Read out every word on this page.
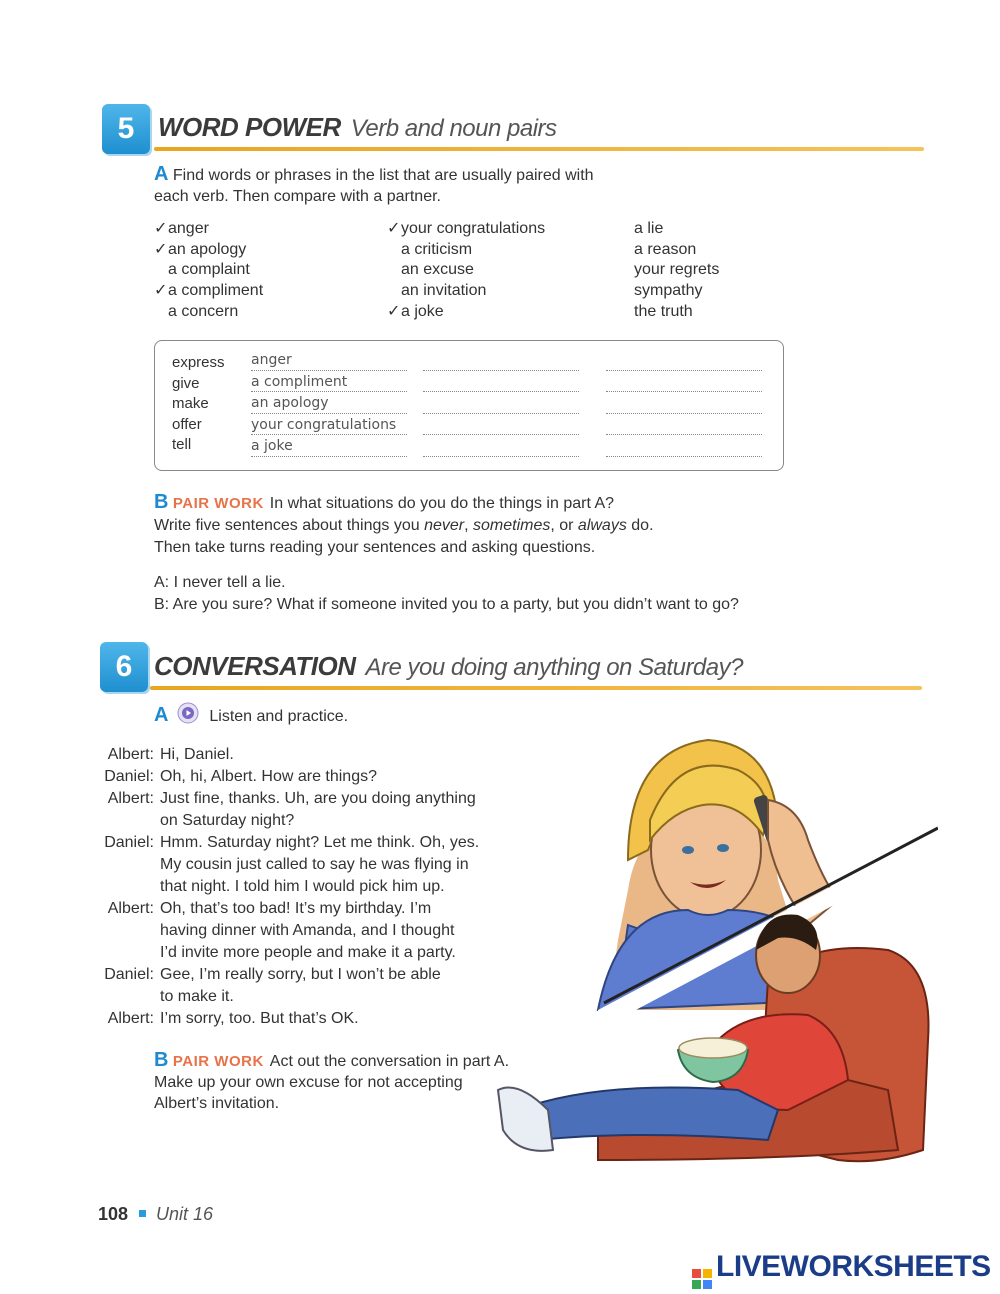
5 WORD POWER Verb and noun pairs
A Find words or phrases in the list that are usually paired with
each verb. Then compare with a partner.
✓anger
✓an apology
a complaint
✓a compliment
a concern
✓your congratulations
a criticism
an excuse
an invitation
✓a joke
a lie
a reason
your regrets
sympathy
the truth
express
give
make
offer
tell
anger
a compliment
an apology
your congratulations
a joke
B PAIR WORK In what situations do you do the things in part A?
Write five sentences about things you never, sometimes, or always do.
Then take turns reading your sentences and asking questions.
A: I never tell a lie.
B: Are you sure? What if someone invited you to a party, but you didn’t want to go?
6 CONVERSATION Are you doing anything on Saturday?
A	Listen and practice.
Albert: Hi, Daniel.
Daniel: Oh, hi, Albert. How are things?
Albert: Just fine, thanks. Uh, are you doing anything
on Saturday night?
Daniel: Hmm. Saturday night? Let me think. Oh, yes.
My cousin just called to say he was flying in
that night. I told him I would pick him up.
Albert: Oh, that’s too bad! It’s my birthday. I’m
having dinner with Amanda, and I thought
I’d invite more people and make it a party.
Daniel: Gee, I’m really sorry, but I won’t be able
to make it.
Albert: I’m sorry, too. But that’s OK.
B PAIR WORK Act out the conversation in part A.
Make up your own excuse for not accepting
Albert’s invitation.
108 Unit 16
LIVEWORKSHEETS
